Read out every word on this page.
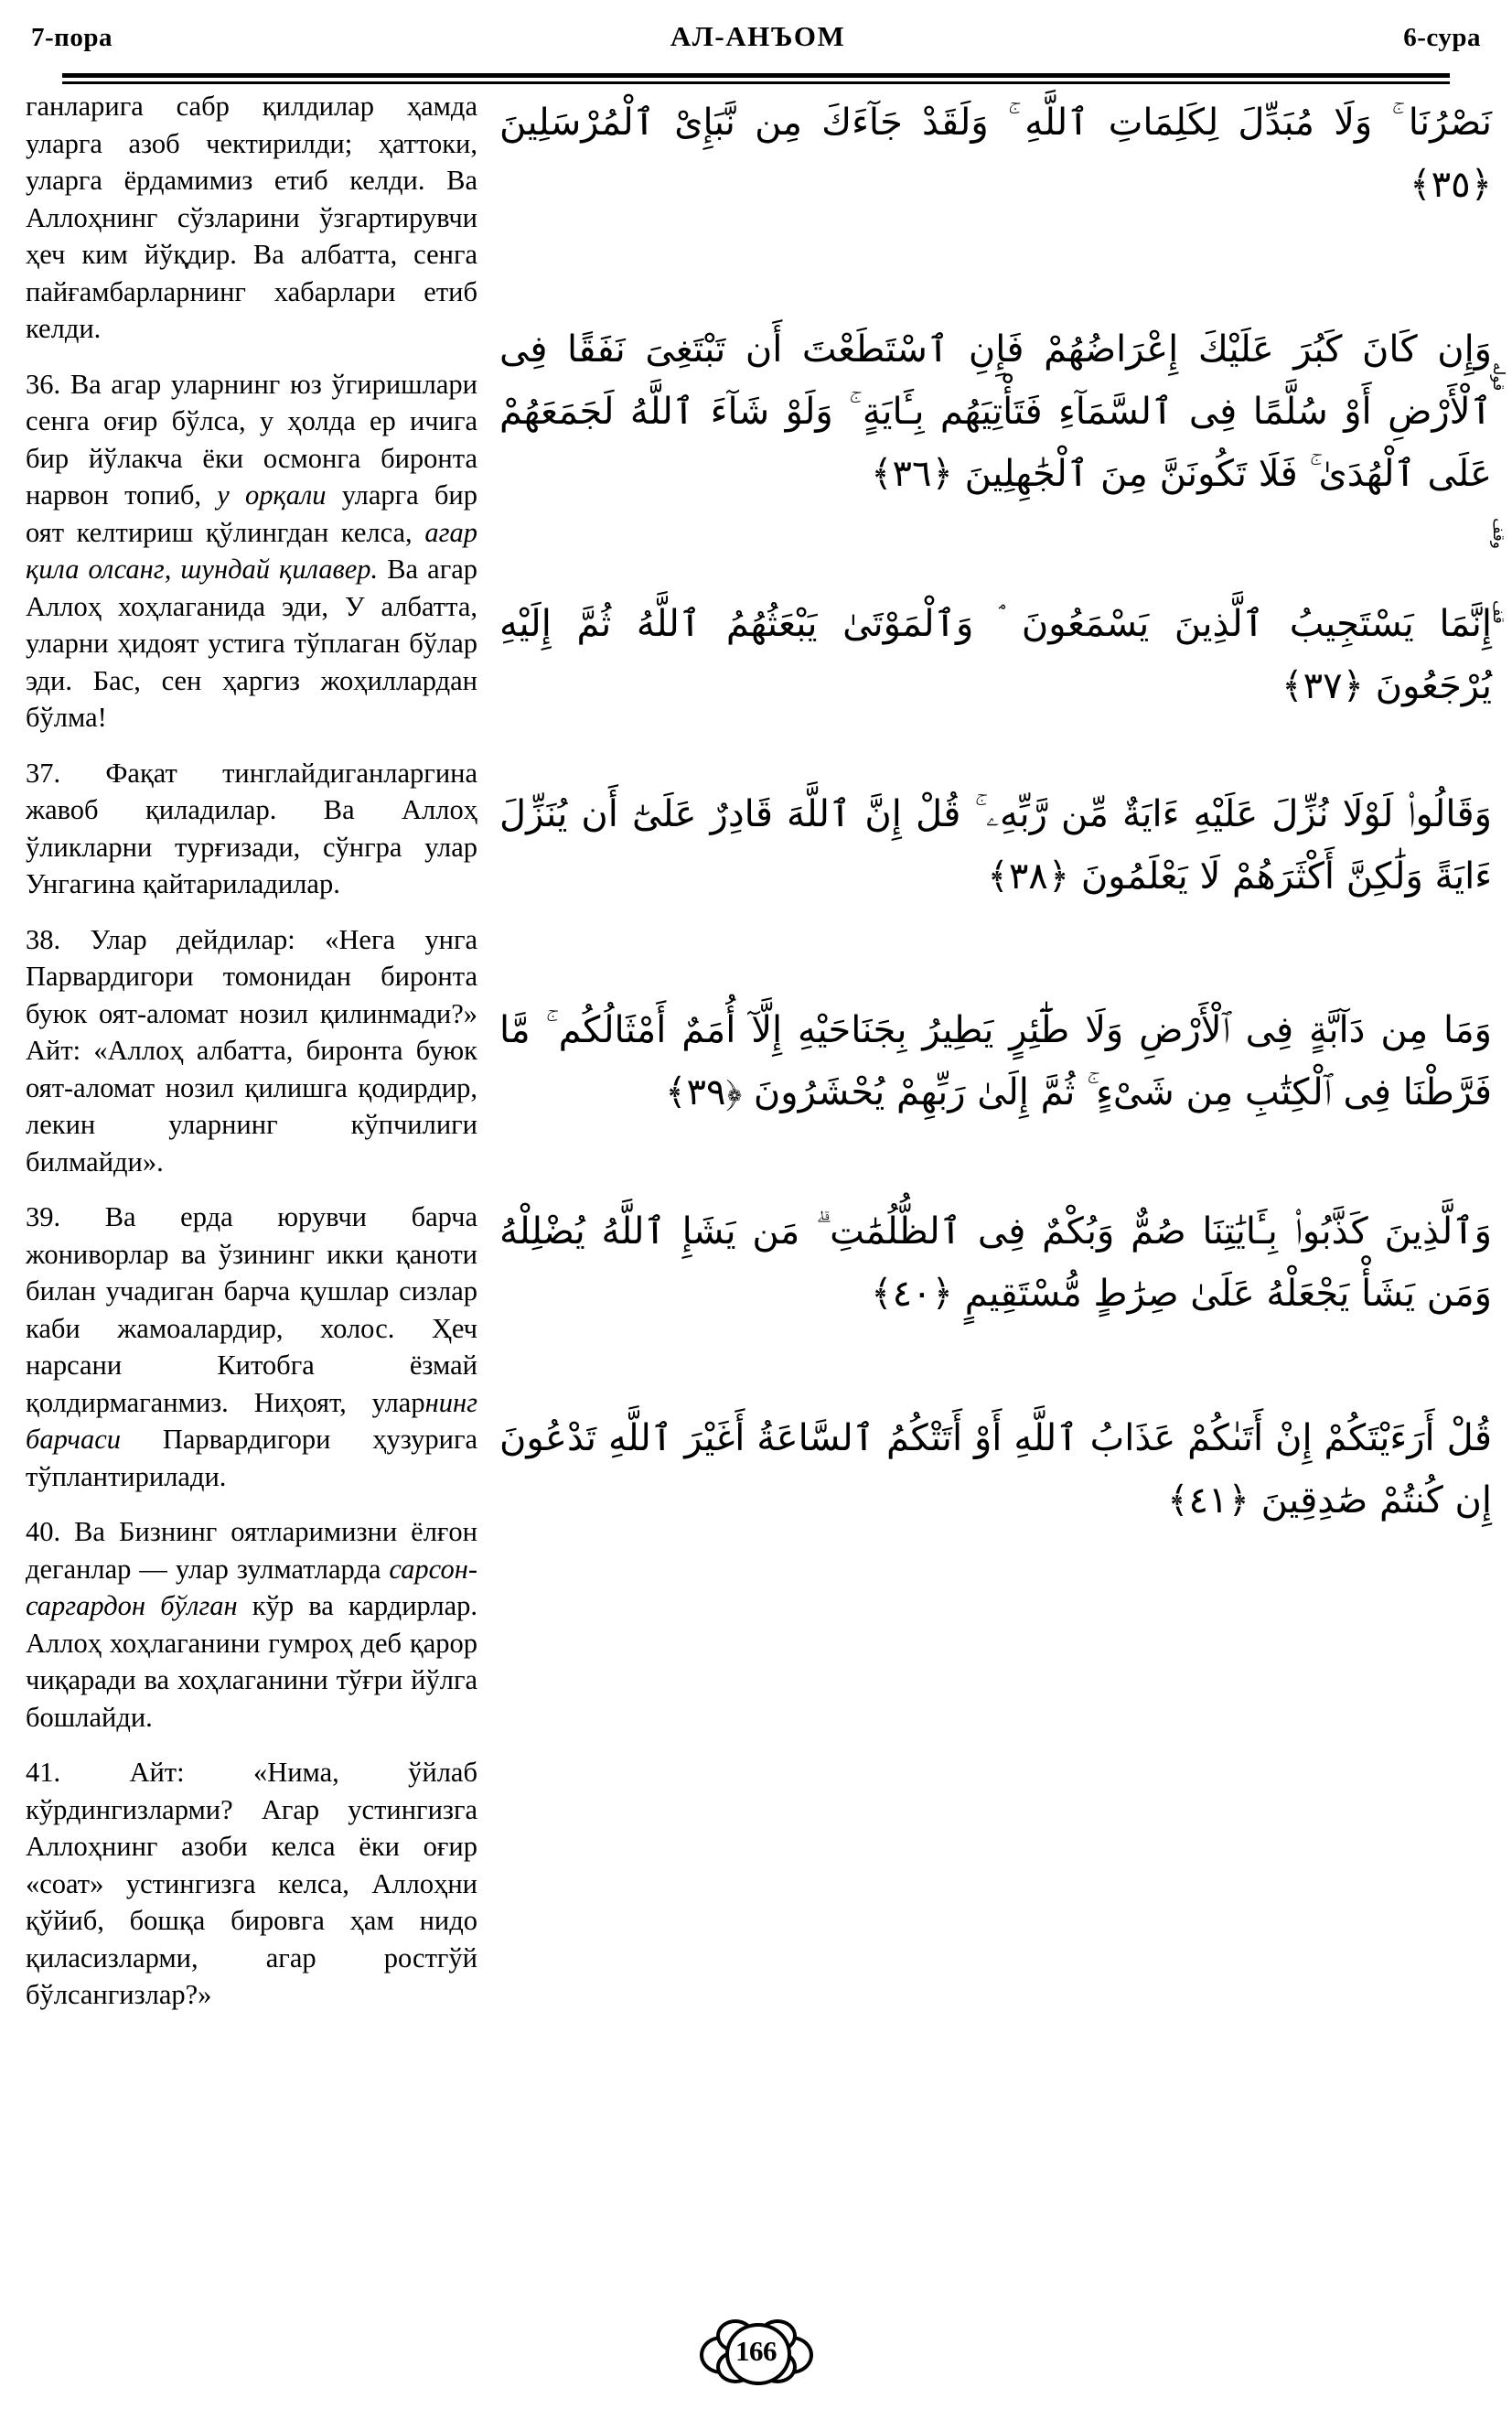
7-пора	АЛ-АНЪОМ	6-сура

ганларига сабр қилдилар ҳамда уларга азоб чектирилди; ҳаттоки, уларга ёрдамимиз етиб келди. Ва Аллоҳнинг сўзларини ўзгартирувчи ҳеч ким йўқдир. Ва албатта, сенга пайғамбарларнинг хабарлари етиб келди.

36. Ва агар уларнинг юз ўгиришлари сенга оғир бўлса, у ҳолда ер ичига бир йўлакча ёки осмонга биронта нарвон топиб, у орқали уларга бир оят келтириш қўлингдан келса, агар қила олсанг, шундай қилавер. Ва агар Аллоҳ хоҳлаганида эди, У албатта, уларни ҳидоят устига тўплаган бўлар эди. Бас, сен ҳаргиз жоҳиллардан бўлма!

37. Фақат тинглайдиганларгина жавоб қиладилар. Ва Аллоҳ ўликларни турғизади, сўнгра улар Унгагина қайтариладилар.

38. Улар дейдилар: «Нега унга Парвардигори томонидан биронта буюк оят-аломат нозил қилинмади?» Айт: «Аллоҳ албатта, биронта буюк оят-аломат нозил қилишга қодирдир, лекин уларнинг кўпчилиги билмайди».

39. Ва ерда юрувчи барча жониворлар ва ўзининг икки қаноти билан учадиган барча қушлар сизлар каби жамоалардир, холос. Ҳеч нарсани Китобга ёзмай қолдирмаганмиз. Ниҳоят, уларнинг барчаси Парвардигори ҳузурига тўплантирилади.

40. Ва Бизнинг оятларимизни ёлғон деганлар — улар зулматларда сарсон-саргардон бўлган кўр ва кардирлар. Аллоҳ хоҳлаганини гумроҳ деб қарор чиқаради ва хоҳлаганини тўғри йўлга бошлайди.

41. Айт: «Нима, ўйлаб кўрдингизларми? Агар устингизга Аллоҳнинг азоби келса ёки оғир «соат» устингизга келса, Аллоҳни қўйиб, бошқа бировга ҳам нидо қиласизларми, агар ростгўй бўлсангизлар?»

نَصْرُنَا ۚ وَلَا مُبَدِّلَ لِكَلِمَاتِ ٱللَّهِ ۚ وَلَقَدْ جَآءَكَ مِن نَّبَإِىْ ٱلْمُرْسَلِينَ ﴿٣٥﴾
وَإِن كَانَ كَبُرَ عَلَيْكَ إِعْرَاضُهُمْ فَإِنِ ٱسْتَطَعْتَ أَن تَبْتَغِىَ نَفَقًا فِى ٱلْأَرْضِ أَوْ سُلَّمًا فِى ٱلسَّمَآءِ فَتَأْتِيَهُم بِـَٔايَةٍ ۚ وَلَوْ شَآءَ ٱللَّهُ لَجَمَعَهُمْ عَلَى ٱلْهُدَىٰ ۚ فَلَا تَكُونَنَّ مِنَ ٱلْجَٰهِلِينَ ﴿٣٦﴾
إِنَّمَا يَسْتَجِيبُ ٱلَّذِينَ يَسْمَعُونَ ۘ وَٱلْمَوْتَىٰ يَبْعَثُهُمُ ٱللَّهُ ثُمَّ إِلَيْهِ يُرْجَعُونَ ﴿٣٧﴾
وَقَالُوا۟ لَوْلَا نُزِّلَ عَلَيْهِ ءَايَةٌ مِّن رَّبِّهِۦ ۚ قُلْ إِنَّ ٱللَّهَ قَادِرٌ عَلَىٰٓ أَن يُنَزِّلَ ءَايَةً وَلَٰكِنَّ أَكْثَرَهُمْ لَا يَعْلَمُونَ ﴿٣٨﴾
وَمَا مِن دَآبَّةٍ فِى ٱلْأَرْضِ وَلَا طَٰٓئِرٍ يَطِيرُ بِجَنَاحَيْهِ إِلَّآ أُمَمٌ أَمْثَالُكُم ۚ مَّا فَرَّطْنَا فِى ٱلْكِتَٰبِ مِن شَىْءٍ ۚ ثُمَّ إِلَىٰ رَبِّهِمْ يُحْشَرُونَ ﴿٣٩﴾
وَٱلَّذِينَ كَذَّبُوا۟ بِـَٔايَٰتِنَا صُمٌّ وَبُكْمٌ فِى ٱلظُّلُمَٰتِ ۗ مَن يَشَإِ ٱللَّهُ يُضْلِلْهُ وَمَن يَشَأْ يَجْعَلْهُ عَلَىٰ صِرَٰطٍ مُّسْتَقِيمٍ ﴿٤٠﴾
قُلْ أَرَءَيْتَكُمْ إِنْ أَتَىٰكُمْ عَذَابُ ٱللَّهِ أَوْ أَتَتْكُمُ ٱلسَّاعَةُ أَغَيْرَ ٱللَّهِ تَدْعُونَ إِن كُنتُمْ صَٰدِقِينَ ﴿٤١﴾
قوله
وقف
قف
166
